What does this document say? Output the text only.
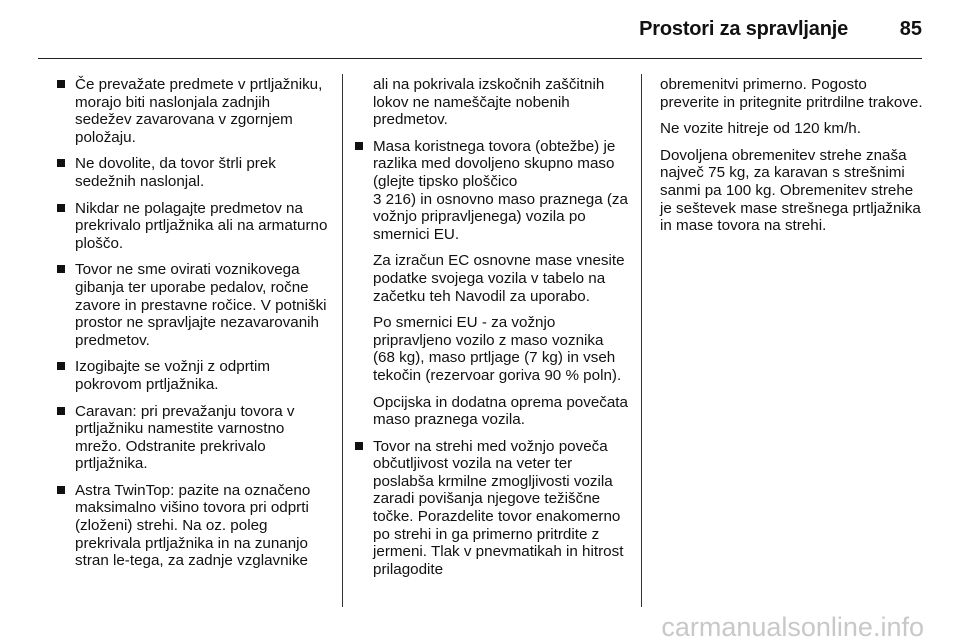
Prostori za spravljanje	85
Če prevažate predmete v prtljažniku, morajo biti naslonjala zadnjih sedežev zavarovana v zgornjem položaju.
Ne dovolite, da tovor štrli prek sedežnih naslonjal.
Nikdar ne polagajte predmetov na prekrivalo prtljažnika ali na armaturno ploščo.
Tovor ne sme ovirati voznikovega gibanja ter uporabe pedalov, ročne zavore in prestavne ročice. V potniški prostor ne spravljajte nezavarovanih predmetov.
Izogibajte se vožnji z odprtim pokrovom prtljažnika.
Caravan: pri prevažanju tovora v prtljažniku namestite varnostno mrežo. Odstranite prekrivalo prtljažnika.
Astra TwinTop: pazite na označeno maksimalno višino tovora pri odprti (zloženi) strehi. Na oz. poleg prekrivala prtljažnika in na zunanjo stran le-tega, za zadnje vzglavnike
ali na pokrivala izskočnih zaščitnih lokov ne nameščajte nobenih predmetov.
Masa koristnega tovora (obtežbe) je razlika med dovoljeno skupno maso (glejte tipsko ploščico
3 216) in osnovno maso praznega (za vožnjo pripravljenega) vozila po smernici EU.
Za izračun EC osnovne mase vnesite podatke svojega vozila v tabelo na začetku teh Navodil za uporabo.
Po smernici EU - za vožnjo pripravljeno vozilo z maso voznika (68 kg), maso prtljage (7 kg) in vseh tekočin (rezervoar goriva 90 % poln).
Opcijska in dodatna oprema povečata maso praznega vozila.
Tovor na strehi med vožnjo poveča občutljivost vozila na veter ter poslabša krmilne zmogljivosti vozila zaradi povišanja njegove težiščne točke. Porazdelite tovor enakomerno po strehi in ga primerno pritrdite z jermeni. Tlak v pnevmatikah in hitrost prilagodite
obremenitvi primerno. Pogosto preverite in pritegnite pritrdilne trakove.
Ne vozite hitreje od 120 km/h.
Dovoljena obremenitev strehe znaša največ 75 kg, za karavan s strešnimi sanmi pa 100 kg. Obremenitev strehe je seštevek mase strešnega prtljažnika in mase tovora na strehi.
carmanualsonline.info
